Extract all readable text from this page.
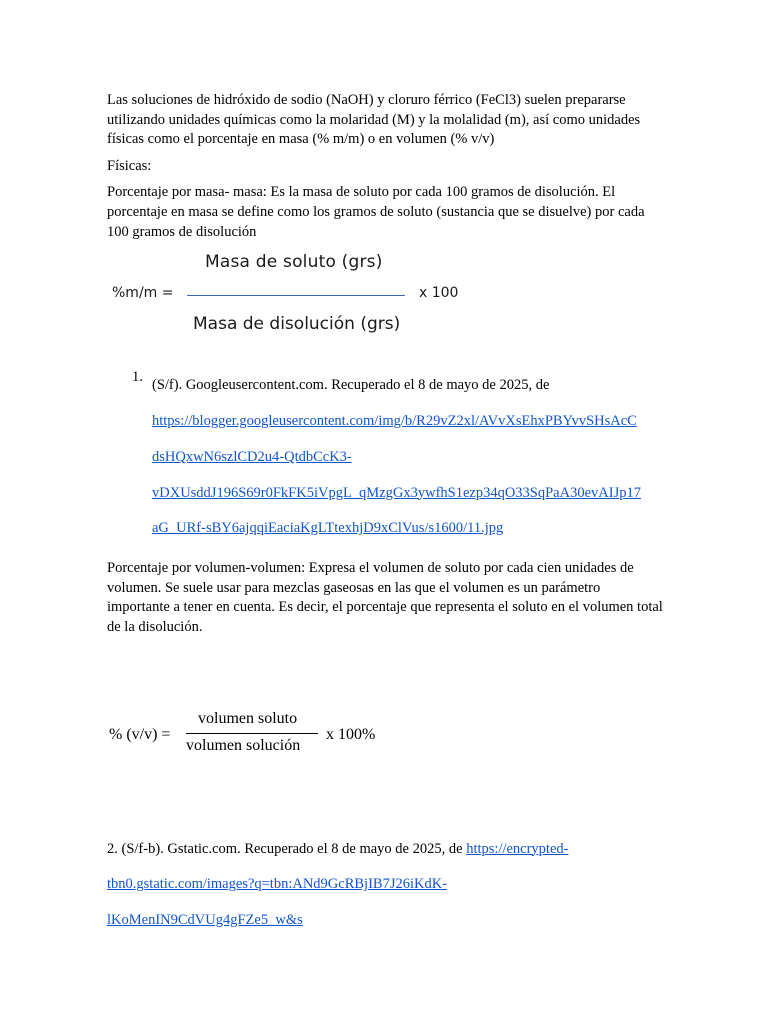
Las soluciones de hidróxido de sodio (NaOH) y cloruro férrico (FeCl3) suelen prepararse utilizando unidades químicas como la molaridad (M) y la molalidad (m), así como unidades físicas como el porcentaje en masa (% m/m) o en volumen (% v/v)

Físicas:

Porcentaje por masa- masa: Es la masa de soluto por cada 100 gramos de disolución. El porcentaje en masa se define como los gramos de soluto (sustancia que se disuelve) por cada 100 gramos de disolución

Masa de soluto (grs)
%m/m =	x 100
Masa de disolución (grs)
1. (S/f). Googleusercontent.com. Recuperado el 8 de mayo de 2025, de
https://blogger.googleusercontent.com/img/b/R29vZ2xl/AVvXsEhxPBYvvSHsAcC
dsHQxwN6szlCD2u4-QtdbCcK3-
vDXUsddJ196S69r0FkFK5iVpgL_qMzgGx3ywfhS1ezp34qO33SqPaA30evAIJp17
aG_URf-sBY6ajqqiEaciaKgLTtexhjD9xClVus/s1600/11.jpg

Porcentaje por volumen-volumen: Expresa el volumen de soluto por cada cien unidades de volumen. Se suele usar para mezclas gaseosas en las que el volumen es un parámetro importante a tener en cuenta. Es decir, el porcentaje que representa el soluto en el volumen total de la disolución.

% (v/v) =
volumen soluto
volumen solución
x 100%

2. (S/f-b). Gstatic.com. Recuperado el 8 de mayo de 2025, de https://encrypted-
tbn0.gstatic.com/images?q=tbn:ANd9GcRBjIB7J26iKdK-
lKoMenIN9CdVUg4gFZe5_w&s
